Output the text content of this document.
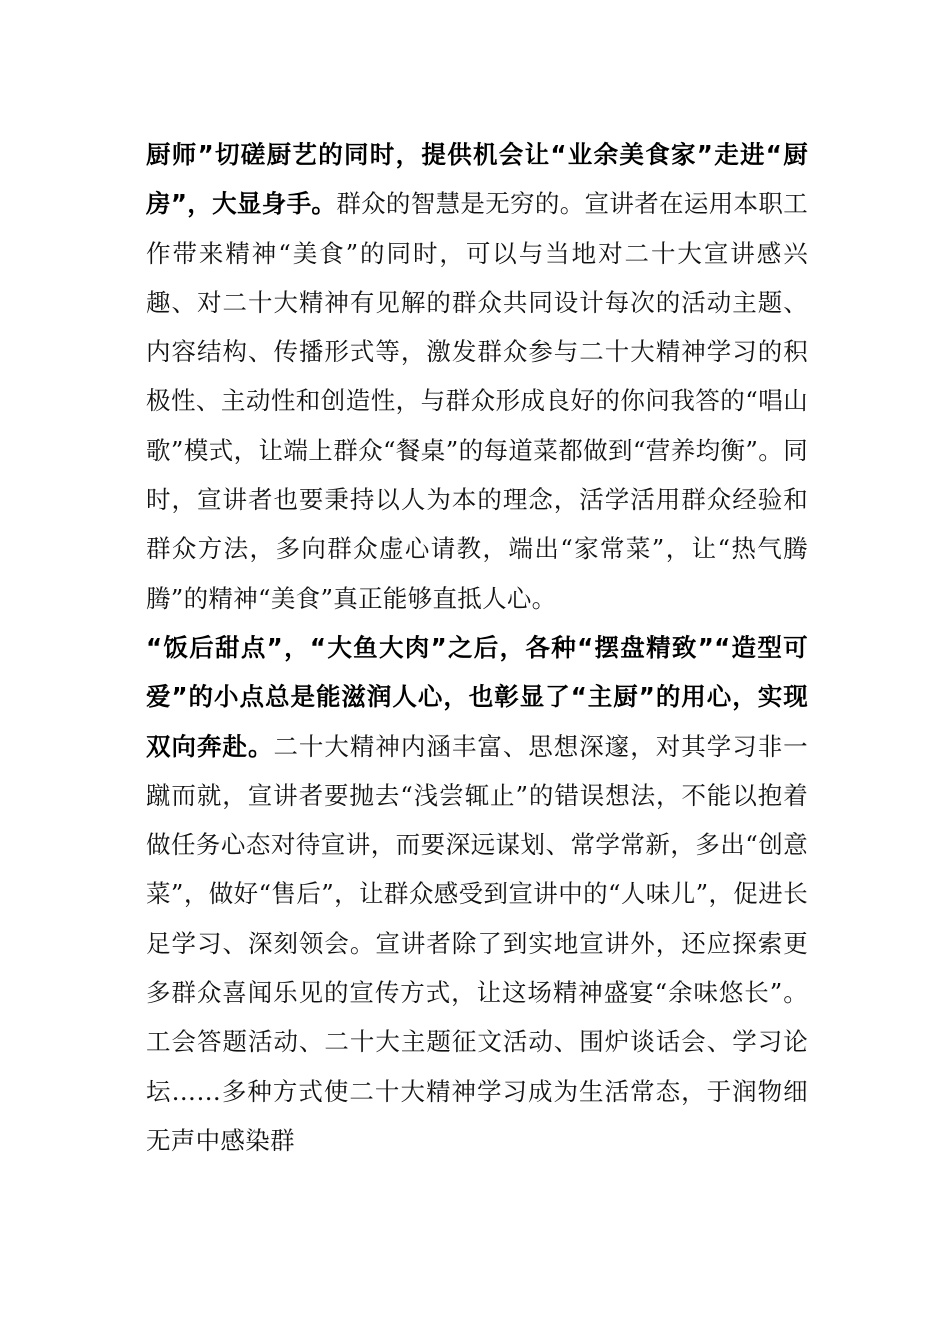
厨师”切磋厨艺的同时，提供机会让“业余美食家”走进“厨房”，大显身手。群众的智慧是无穷的。宣讲者在运用本职工作带来精神“美食”的同时，可以与当地对二十大宣讲感兴趣、对二十大精神有见解的群众共同设计每次的活动主题、内容结构、传播形式等，激发群众参与二十大精神学习的积极性、主动性和创造性，与群众形成良好的你问我答的“唱山歌”模式，让端上群众“餐桌”的每道菜都做到“营养均衡”。同时，宣讲者也要秉持以人为本的理念，活学活用群众经验和群众方法，多向群众虚心请教，端出“家常菜”，让“热气腾腾”的精神“美食”真正能够直抵人心。

“饭后甜点”，“大鱼大肉”之后，各种“摆盘精致”“造型可爱”的小点总是能滋润人心，也彰显了“主厨”的用心，实现双向奔赴。二十大精神内涵丰富、思想深邃，对其学习非一蹴而就，宣讲者要抛去“浅尝辄止”的错误想法，不能以抱着做任务心态对待宣讲，而要深远谋划、常学常新，多出“创意菜”，做好“售后”，让群众感受到宣讲中的“人味儿”，促进长足学习、深刻领会。宣讲者除了到实地宣讲外，还应探索更多群众喜闻乐见的宣传方式，让这场精神盛宴“余味悠长”。工会答题活动、二十大主题征文活动、围炉谈话会、学习论坛……多种方式使二十大精神学习成为生活常态，于润物细无声中感染群
